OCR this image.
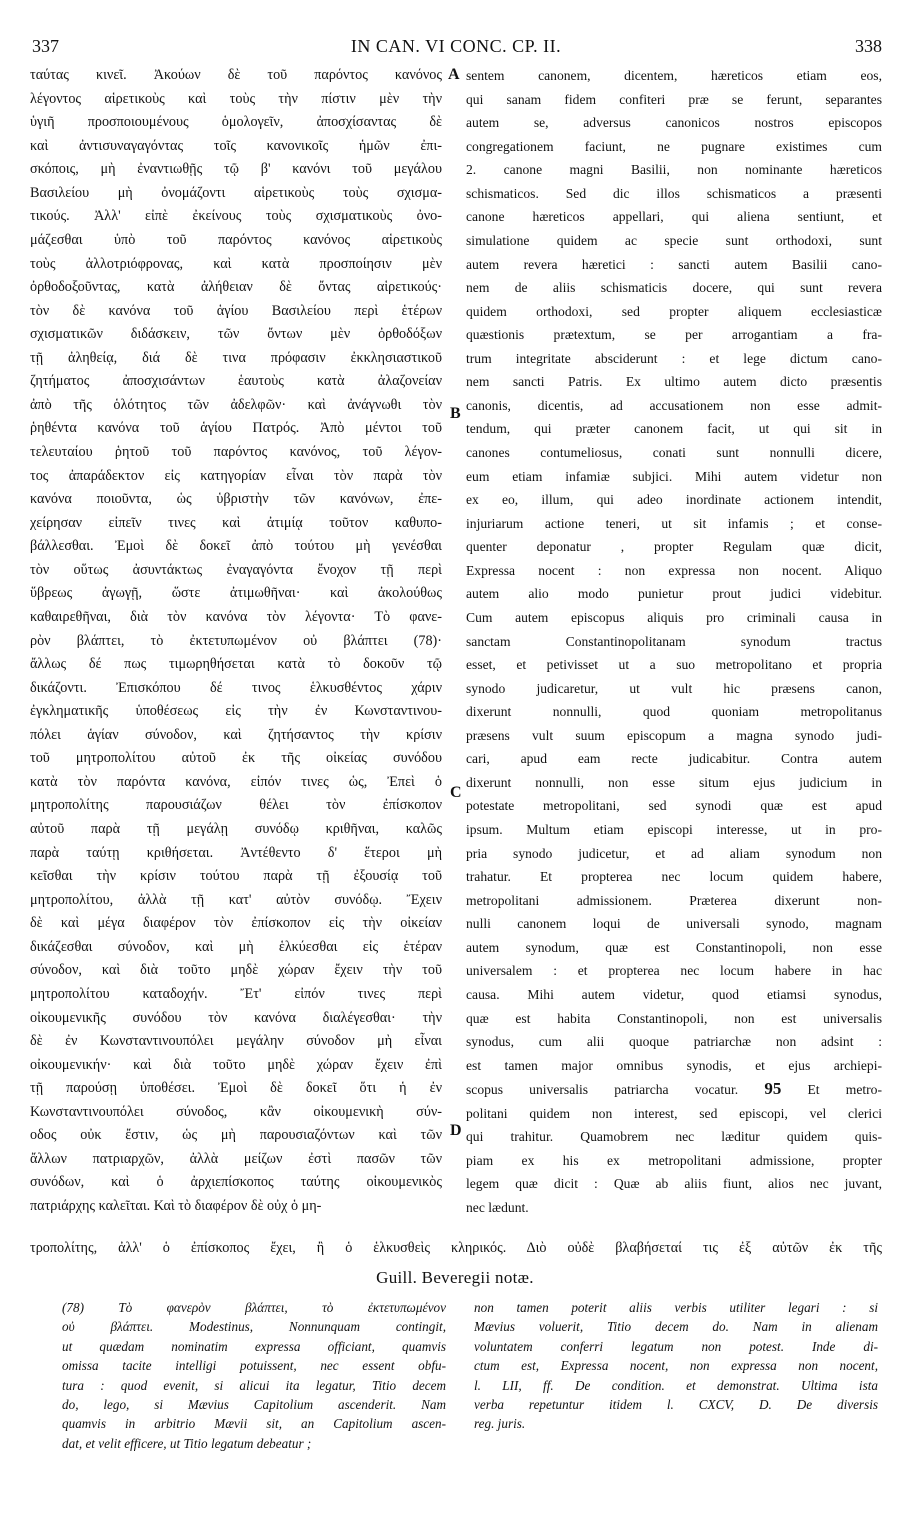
337	IN CAN. VI CONC. CP. II.	338
ταύτας κινεῖ. Ἀκούων δὲ τοῦ παρόντος κανόνος
λέγοντος αἱρετικοὺς καὶ τοὺς τὴν πίστιν μὲν τὴν
ὑγιῆ προσποιουμένους ὁμολογεῖν, ἀποσχίσαντας δὲ
καὶ ἀντισυναγαγόντας τοῖς κανονικοῖς ἡμῶν ἐπι-
σκόποις, μὴ ἐναντιωθῇς τῷ β' κανόνι τοῦ μεγάλου
Βασιλείου μὴ ὀνομάζοντι αἱρετικοὺς τοὺς σχισμα-
τικούς. Ἀλλ' εἰπὲ ἐκείνους τοὺς σχισματικοὺς ὀνο-
μάζεσθαι ὑπὸ τοῦ παρόντος κανόνος αἱρετικοὺς
τοὺς ἀλλοτριόφρονας, καὶ κατὰ προσποίησιν μὲν
ὀρθοδοξοῦντας, κατὰ ἀλήθειαν δὲ ὄντας αἱρετικούς·
τὸν δὲ κανόνα τοῦ ἁγίου Βασιλείου περὶ ἑτέρων
σχισματικῶν διδάσκειν, τῶν ὄντων μὲν ὀρθοδόξων
τῇ ἀληθείᾳ, διά δὲ τινα πρόφασιν ἐκκλησιαστικοῦ
ζητήματος ἀποσχισάντων ἑαυτοὺς κατὰ ἀλαζονείαν
ἀπὸ τῆς ὁλότητος τῶν ἀδελφῶν· καὶ ἀνάγνωθι τὸν
ῥηθέντα κανόνα τοῦ ἁγίου Πατρός. Ἀπὸ μέντοι τοῦ
τελευταίου ῥητοῦ τοῦ παρόντος κανόνος, τοῦ λέγον-
τος ἀπαράδεκτον εἰς κατηγορίαν εἶναι τὸν παρὰ τὸν
κανόνα ποιοῦντα, ὡς ὑβριστὴν τῶν κανόνων, ἐπε-
χείρησαν εἰπεῖν τινες καὶ ἀτιμίᾳ τοῦτον καθυπο-
βάλλεσθαι. Ἐμοὶ δὲ δοκεῖ ἀπὸ τούτου μὴ γενέσθαι
τὸν οὕτως ἀσυντάκτως ἐναγαγόντα ἔνοχον τῇ περὶ
ὕβρεως ἀγωγῇ, ὥστε ἀτιμωθῆναι· καὶ ἀκολούθως
καθαιρεθῆναι, διὰ τὸν κανόνα τὸν λέγοντα· Τὸ φανε-
ρὸν βλάπτει, τὸ ἐκτετυπωμένον οὐ βλάπτει (78)·
ἄλλως δέ πως τιμωρηθήσεται κατὰ τὸ δοκοῦν τῷ
δικάζοντι. Ἐπισκόπου δέ τινος ἑλκυσθέντος χάριν
ἐγκληματικῆς ὑποθέσεως εἰς τὴν ἐν Κωνσταντινου-
πόλει ἁγίαν σύνοδον, καὶ ζητήσαντος τὴν κρίσιν
τοῦ μητροπολίτου αὐτοῦ ἐκ τῆς οἰκείας συνόδου
κατὰ τὸν παρόντα κανόνα, εἰπόν τινες ὡς, Ἐπεὶ ὁ
μητροπολίτης παρουσιάζων θέλει τὸν ἐπίσκοπον
αὐτοῦ παρὰ τῇ μεγάλῃ συνόδῳ κριθῆναι, καλῶς
παρὰ ταύτῃ κριθήσεται. Ἀντέθεντο δ' ἕτεροι μὴ
κεῖσθαι τὴν κρίσιν τούτου παρὰ τῇ ἐξουσίᾳ τοῦ
μητροπολίτου, ἀλλὰ τῇ κατ' αὐτὸν συνόδῳ. Ἔχειν
δὲ καὶ μέγα διαφέρον τὸν ἐπίσκοπον εἰς τὴν οἰκείαν
δικάζεσθαι σύνοδον, καὶ μὴ ἑλκύεσθαι εἰς ἑτέραν
σύνοδον, καὶ διὰ τοῦτο μηδὲ χώραν ἔχειν τὴν τοῦ
μητροπολίτου καταδοχήν. Ἔτ' εἰπόν τινες περὶ
οἰκουμενικῆς συνόδου τὸν κανόνα διαλέγεσθαι· τὴν
δὲ ἐν Κωνσταντινουπόλει μεγάλην σύνοδον μὴ εἶναι
οἰκουμενικήν· καὶ διὰ τοῦτο μηδὲ χώραν ἔχειν ἐπὶ
τῇ παρούσῃ ὑποθέσει. Ἐμοὶ δὲ δοκεῖ ὅτι ἡ ἐν
Κωνσταντινουπόλει σύνοδος, κἂν οἰκουμενικὴ σύν-
οδος οὐκ ἔστιν, ὡς μὴ παρουσιαζόντων καὶ τῶν
ἄλλων πατριαρχῶν, ἀλλὰ μείζων ἐστὶ πασῶν τῶν
συνόδων, καὶ ὁ ἀρχιεπίσκοπος ταύτης οἰκουμενικὸς
πατριάρχης καλεῖται. Καὶ τὸ διαφέρον δὲ οὐχ ὁ μη-
sentem canonem, dicentem, hæreticos etiam eos,
qui sanam fidem confiteri præ se ferunt, separantes
autem se, adversus canonicos nostros episcopos
congregationem faciunt, ne pugnare existimes cum
2. canone magni Basilii, non nominante hæreticos
schismaticos. Sed dic illos schismaticos a præsenti
canone hæreticos appellari, qui aliena sentiunt, et
simulatione quidem ac specie sunt orthodoxi, sunt
autem revera hæretici : sancti autem Basilii cano-
nem de aliis schismaticis docere, qui sunt revera
quidem orthodoxi, sed propter aliquem ecclesiasticæ
quæstionis prætextum, se per arrogantiam a fra-
trum integritate absciderunt : et lege dictum cano-
nem sancti Patris. Ex ultimo autem dicto præsentis
canonis, dicentis, ad accusationem non esse admit-
tendum, qui præter canonem facit, ut qui sit in
canones contumeliosus, conati sunt nonnulli dicere,
eum etiam infamiæ subjici. Mihi autem videtur non
ex eo, illum, qui adeo inordinate actionem intendit,
injuriarum actione teneri, ut sit infamis ; et conse-
quenter deponatur , propter Regulam quæ dicit,
Expressa nocent : non expressa non nocent. Aliquo
autem alio modo punietur prout judici videbitur.
Cum autem episcopus aliquis pro criminali causa in
sanctam Constantinopolitanam synodum tractus
esset, et petivisset ut a suo metropolitano et propria
synodo judicaretur, ut vult hic præsens canon,
dixerunt nonnulli, quod quoniam metropolitanus
præsens vult suum episcopum a magna synodo judi-
cari, apud eam recte judicabitur. Contra autem
dixerunt nonnulli, non esse situm ejus judicium in
potestate metropolitani, sed synodi quæ est apud
ipsum. Multum etiam episcopi interesse, ut in pro-
pria synodo judicetur, et ad aliam synodum non
trahatur. Et propterea nec locum quidem habere,
metropolitani admissionem. Præterea dixerunt non-
nulli canonem loqui de universali synodo, magnam
autem synodum, quæ est Constantinopoli, non esse
universalem : et propterea nec locum habere in hac
causa. Mihi autem videtur, quod etiamsi synodus,
quæ est habita Constantinopoli, non est universalis
synodus, cum alii quoque patriarchæ non adsint :
est tamen major omnibus synodis, et ejus archiepi-
scopus universalis patriarcha vocatur. 95 Et metro-
politani quidem non interest, sed episcopi, vel clerici
qui trahitur. Quamobrem nec læditur quidem quis-
piam ex his ex metropolitani admissione, propter
legem quæ dicit : Quæ ab aliis fiunt, alios nec juvant,
nec lædunt.
A
B
C
D
τροπολίτης, ἀλλ' ὁ ἐπίσκοπος ἔχει, ἢ ὁ ἑλκυσθεὶς κληρικός. Διὸ οὐδὲ βλαβήσεταί τις ἐξ αὐτῶν ἐκ τῆς
Guill. Beveregii notæ.
(78) Τὸ φανερὸν βλάπτει, τὸ ἐκτετυπωμένον
οὐ βλάπτει. Modestinus, Nonnunquam contingit,
ut quædam nominatim expressa officiant, quamvis
omissa tacite intelligi potuissent, nec essent obfu-
tura : quod evenit, si alicui ita legatur, Titio decem
do, lego, si Mævius Capitolium ascenderit. Nam
quamvis in arbitrio Mævii sit, an Capitolium ascen-
dat, et velit efficere, ut Titio legatum debeatur ;
non tamen poterit aliis verbis utiliter legari : si
Mævius voluerit, Titio decem do. Nam in alienam
voluntatem conferri legatum non potest. Inde di-
ctum est, Expressa nocent, non expressa non nocent,
l. LII, ff. De condition. et demonstrat. Ultima ista
verba repetuntur itidem l. CXCV, D. De diversis
reg. juris.
